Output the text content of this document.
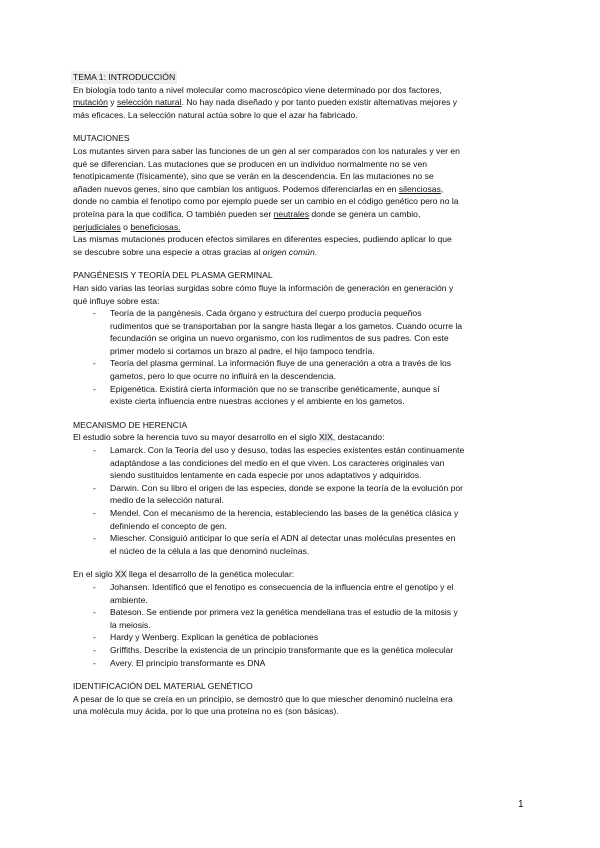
TEMA 1: INTRODUCCIÓN
En biología todo tanto a nivel molecular como macroscópico viene determinado por dos factores,
mutación y selección natural. No hay nada diseñado y por tanto pueden existir alternativas mejores y
más eficaces. La selección natural actúa sobre lo que el azar ha fabricado.
MUTACIONES
Los mutantes sirven para saber las funciones de un gen al ser comparados con los naturales y ver en
qué se diferencian. Las mutaciones que se producen en un individuo normalmente no se ven
fenotípicamente (físicamente), sino que se verán en la descendencia. En las mutaciones no se
añaden nuevos genes, sino que cambian los antiguos. Podemos diferenciarlas en en silenciosas,
donde no cambia el fenotipo como por ejemplo puede ser un cambio en el código genético pero no la
proteína para la que codifica. O también pueden ser neutrales donde se genera un cambio,
perjudiciales o beneficiosas.
Las mismas mutaciones producen efectos similares en diferentes especies, pudiendo aplicar lo que
se descubre sobre una especie a otras gracias al origen común.
PANGÉNESIS Y TEORÍA DEL PLASMA GERMINAL
Han sido varias las teorías surgidas sobre cómo fluye la información de generación en generación y
qué influye sobre esta:
- Teoría de la pangénesis. Cada órgano y estructura del cuerpo producía pequeños
rudimentos que se transportaban por la sangre hasta llegar a los gametos. Cuando ocurre la
fecundación se origina un nuevo organismo, con los rudimentos de sus padres. Con este
primer modelo si cortamos un brazo al padre, el hijo tampoco tendría.
- Teoría del plasma germinal. La información fluye de una generación a otra a través de los
gametos, pero lo que ocurre no influirá en la descendencia.
- Epigenética. Existirá cierta información que no se transcribe genéticamente, aunque sí
existe cierta influencia entre nuestras acciones y el ambiente en los gametos.
MECANISMO DE HERENCIA
El estudio sobre la herencia tuvo su mayor desarrollo en el siglo XIX, destacando:
- Lamarck. Con la Teoría del uso y desuso, todas las especies existentes están continuamente
adaptándose a las condiciones del medio en el que viven. Los caracteres originales van
siendo sustituidos lentamente en cada especie por unos adaptativos y adquiridos.
- Darwin. Con su libro el origen de las especies, donde se expone la teoría de la evolución por
medio de la selección natural.
- Mendel. Con el mecanismo de la herencia, estableciendo las bases de la genética clásica y
definiendo el concepto de gen.
- Miescher. Consiguió anticipar lo que sería el ADN al detectar unas moléculas presentes en
el núcleo de la célula a las que denominó nucleínas.
En el siglo XX llega el desarrollo de la genética molecular:
- Johansen. Identificó que el fenotipo es consecuencia de la influencia entre el genotipo y el
ambiente.
- Bateson. Se entiende por primera vez la genética mendeliana tras el estudio de la mitosis y
la meiosis.
- Hardy y Wenberg. Explican la genética de poblaciones
- Griffiths. Describe la existencia de un principio transformante que es la genética molecular
- Avery. El principio transformante es DNA
IDENTIFICACIÓN DEL MATERIAL GENÉTICO
A pesar de lo que se creía en un principio, se demostró que lo que miescher denominó nucleína era
una molécula muy ácida, por lo que una proteína no es (son básicas).
1
